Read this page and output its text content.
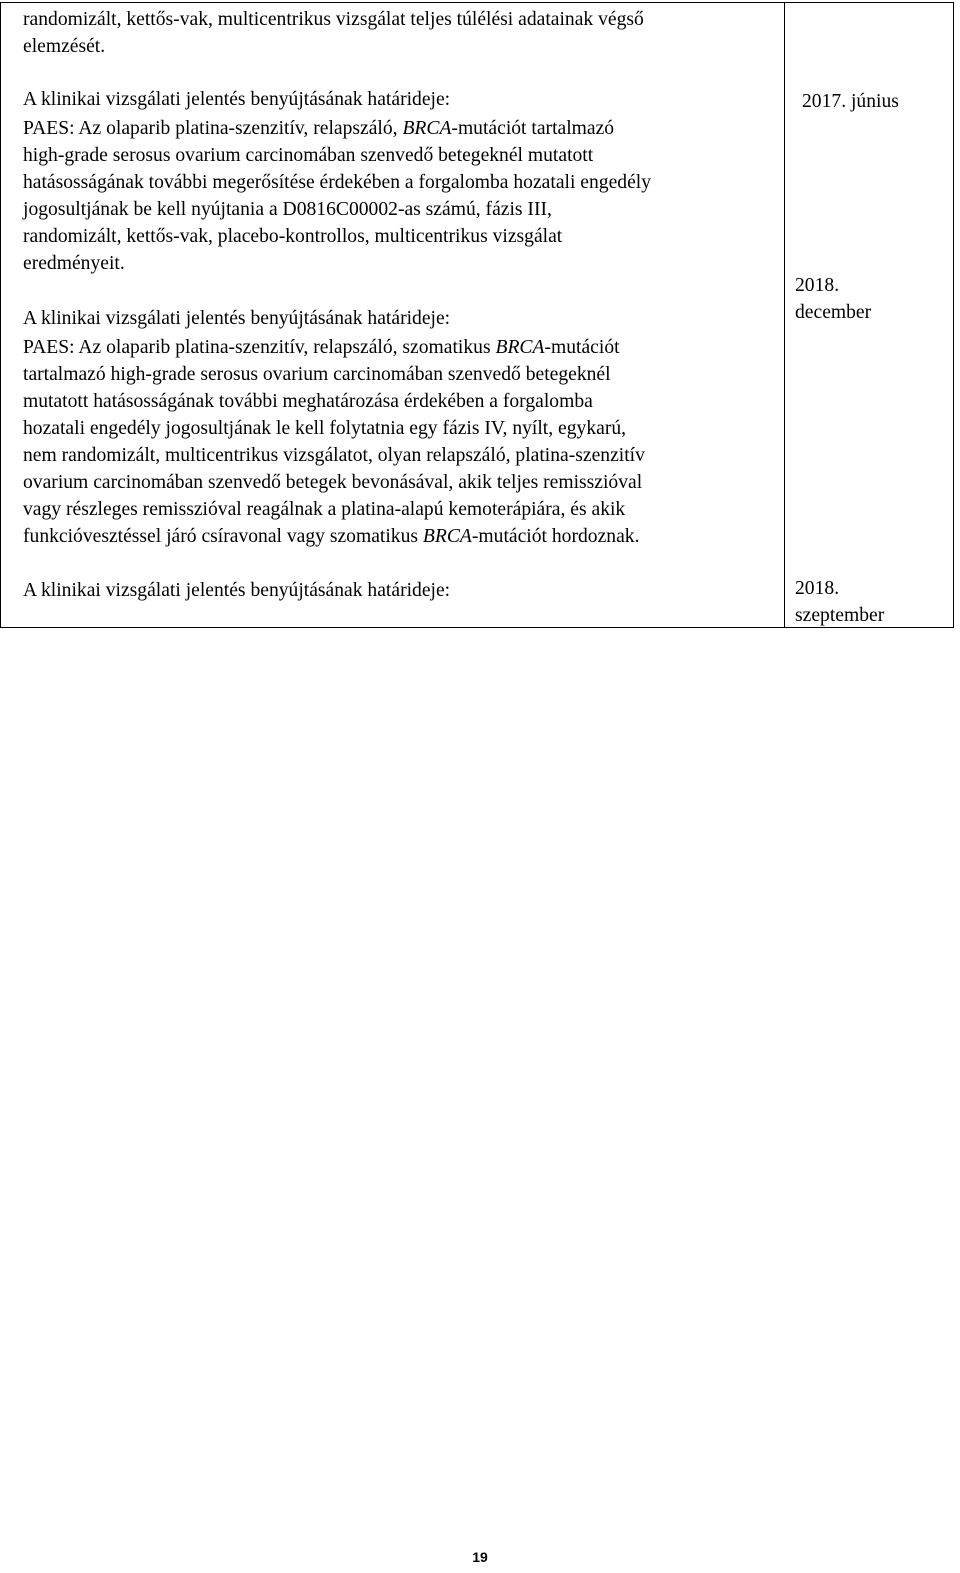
randomizált, kettős-vak, multicentrikus vizsgálat teljes túlélési adatainak végső
elemzését.
A klinikai vizsgálati jelentés benyújtásának határideje:	2017. június
PAES: Az olaparib platina-szenzitív, relapszáló, BRCA-mutációt tartalmazó
high-grade serosus ovarium carcinomában szenvedő betegeknél mutatott
hatásosságának további megerősítése érdekében a forgalomba hozatali engedély
jogosultjának be kell nyújtania a D0816C00002-as számú, fázis III,
randomizált, kettős-vak, placebo-kontrollos, multicentrikus vizsgálat
eredményeit.
A klinikai vizsgálati jelentés benyújtásának határideje:
2018.
december
PAES: Az olaparib platina-szenzitív, relapszáló, szomatikus BRCA-mutációt
tartalmazó high-grade serosus ovarium carcinomában szenvedő betegeknél
mutatott hatásosságának további meghatározása érdekében a forgalomba
hozatali engedély jogosultjának le kell folytatnia egy fázis IV, nyílt, egykarú,
nem randomizált, multicentrikus vizsgálatot, olyan relapszáló, platina-szenzitív
ovarium carcinomában szenvedő betegek bevonásával, akik teljes remisszióval
vagy részleges remisszióval reagálnak a platina-alapú kemoterápiára, és akik
funkcióvesztéssel járó csíravonal vagy szomatikus BRCA-mutációt hordoznak.
A klinikai vizsgálati jelentés benyújtásának határideje:	2018.
szeptember
19
